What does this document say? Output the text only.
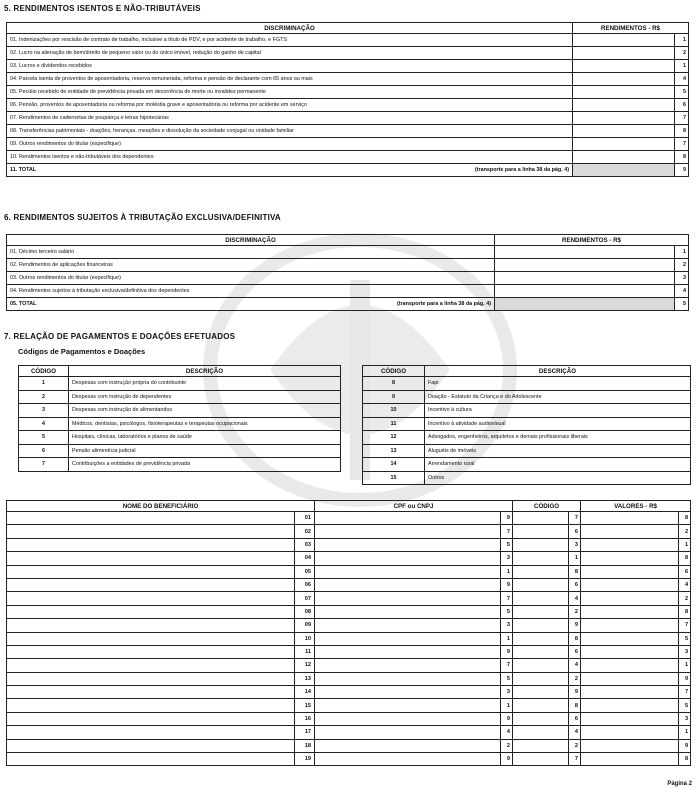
5. RENDIMENTOS ISENTOS E NÃO-TRIBUTÁVEIS
DISCRIMINAÇÃO	RENDIMENTOS - R$	
01. Indenizações por rescisão de contrato de trabalho, inclusive a título de PDV, e por acidente de trabalho, e FGTS		1
02. Lucro na alienação de bem/direito de pequeno valor ou do único imóvel, redução do ganho de capital		2
03. Lucros e dividendos recebidos		1
04. Parcela isenta de proventos de aposentadoria, reserva remunerada, reforma e pensão de declarante com 65 anos ou mais		4
05. Pecúlio recebido de entidade de previdência privada em decorrência de morte ou invalidez permanente		5
06. Pensão, proventos de aposentadoria ou reforma por moléstia grave e aposentadoria ou reforma por acidente em serviço		6
07. Rendimentos de cadernetas de poupança e letras hipotecárias		7
08. Transferências patrimoniais - doações, heranças, meações e dissolução da sociedade conjugal ou unidade familiar		8
09. Outros rendimentos do titular (especifique)		7
10. Rendimentos isentos e não-tributáveis dos dependentes		8
11. TOTAL (transporte para a linha 38 da pág. 4)		9
6. RENDIMENTOS SUJEITOS À TRIBUTAÇÃO EXCLUSIVA/DEFINITIVA
DISCRIMINAÇÃO	RENDIMENTOS - R$	
01. Décimo terceiro salário		1
02. Rendimentos de aplicações financeiras		2
03. Outros rendimentos do titular (especifique)		3
04. Rendimentos sujeitos à tributação exclusiva/definitiva dos dependentes		4
05. TOTAL (transporte para a linha 38 da pág. 4)		5
7. RELAÇÃO DE PAGAMENTOS E DOAÇÕES EFETUADOS
Códigos de Pagamentos e Doações
CÓDIGO	DESCRIÇÃO
1	Despesas com instrução própria do contribuinte
2	Despesas com instrução de dependentes
3	Despesas com instrução de alimentandos
4	Médicos, dentistas, psicólogos, fisioterapeutas e terapeutas ocupacionais
5	Hospitais, clínicas, laboratórios e planos de saúde
6	Pensão alimentícia judicial
7	Contribuições a entidades de previdência privada
CÓDIGO	DESCRIÇÃO
8	Fapi
9	Doação - Estatuto da Criança e do Adolescente
10	Incentivo à cultura
11	Incentivo à atividade audiovisual
12	Advogados, engenheiros, arquitetos e demais profissionais liberais
13	Aluguéis de imóveis
14	Arrendamento rural
15	Outros
NOME DO BENEFICIÁRIO		CPF ou CNPJ		CÓDIGO		VALORES - R$	
	01		9		7		8
	02		7		6		2
	03		5		3		1
	04		3		1		8
	05		1		8		6
	06		9		6		4
	07		7		4		2
	08		5		2		8
	09		3		9		7
	10		1		8		5
	11		9		6		3
	12		7		4		1
	13		5		2		9
	14		3		9		7
	15		1		8		5
	16		9		6		3
	17		4		4		1
	18		2		2		9
	19		9		7		8
Página 2
